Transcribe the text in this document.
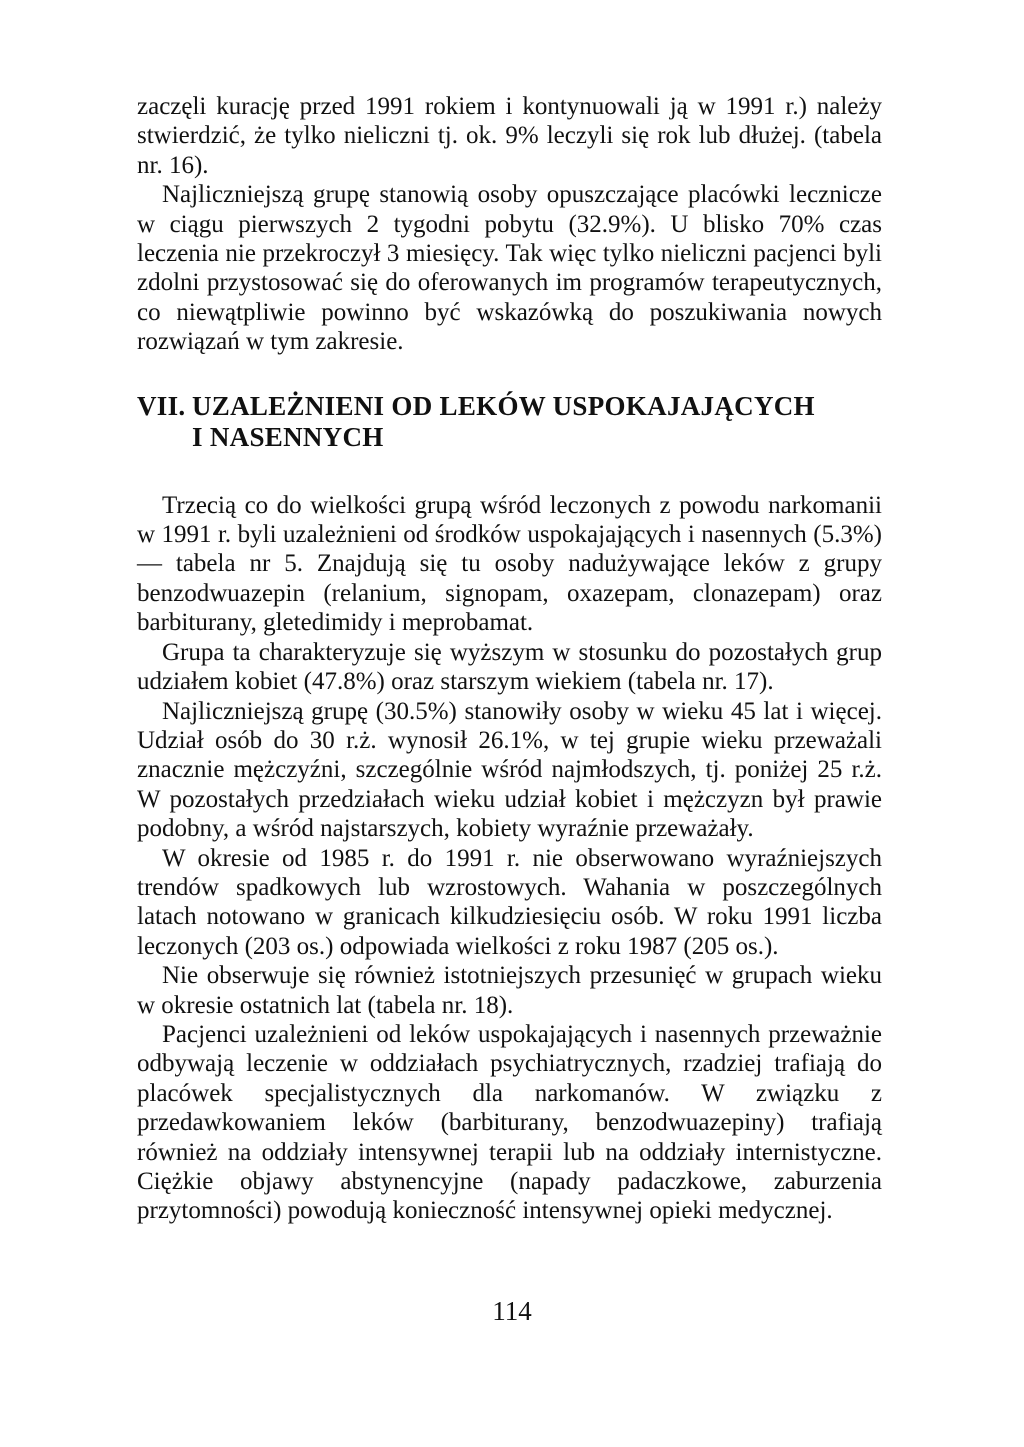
zaczęli kurację przed 1991 rokiem i kontynuowali ją w 1991 r.) należy stwierdzić, że tylko nieliczni tj. ok. 9% leczyli się rok lub dłużej. (tabela nr. 16).

Najliczniejszą grupę stanowią osoby opuszczające placówki lecznicze w ciągu pierwszych 2 tygodni pobytu (32.9%). U blisko 70% czas leczenia nie przekroczył 3 miesięcy. Tak więc tylko nieliczni pacjenci byli zdolni przystosować się do oferowanych im programów terapeutycznych, co niewątpliwie powinno być wskazówką do poszukiwania nowych rozwiązań w tym zakresie.

VII. UZALEŻNIENI OD LEKÓW USPOKAJAJĄCYCH
I NASENNYCH

Trzecią co do wielkości grupą wśród leczonych z powodu narkomanii w 1991 r. byli uzależnieni od środków uspokajających i nasennych (5.3%) — tabela nr 5. Znajdują się tu osoby nadużywające leków z grupy benzodwuazepin (relanium, signopam, oxazepam, clonazepam) oraz barbiturany, gletedimidy i meprobamat.

Grupa ta charakteryzuje się wyższym w stosunku do pozostałych grup udziałem kobiet (47.8%) oraz starszym wiekiem (tabela nr. 17).

Najliczniejszą grupę (30.5%) stanowiły osoby w wieku 45 lat i więcej. Udział osób do 30 r.ż. wynosił 26.1%, w tej grupie wieku przeważali znacznie mężczyźni, szczególnie wśród najmłodszych, tj. poniżej 25 r.ż. W pozostałych przedziałach wieku udział kobiet i mężczyzn był prawie podobny, a wśród najstarszych, kobiety wyraźnie przeważały.

W okresie od 1985 r. do 1991 r. nie obserwowano wyraźniejszych trendów spadkowych lub wzrostowych. Wahania w poszczególnych latach notowano w granicach kilkudziesięciu osób. W roku 1991 liczba leczonych (203 os.) odpowiada wielkości z roku 1987 (205 os.).

Nie obserwuje się również istotniejszych przesunięć w grupach wieku w okresie ostatnich lat (tabela nr. 18).

Pacjenci uzależnieni od leków uspokajających i nasennych przeważnie odbywają leczenie w oddziałach psychiatrycznych, rzadziej trafiają do placówek specjalistycznych dla narkomanów. W związku z przedawkowaniem leków (barbiturany, benzodwuazepiny) trafiają również na oddziały intensywnej terapii lub na oddziały internistyczne. Ciężkie objawy abstynencyjne (napady padaczkowe, zaburzenia przytomności) powodują konieczność intensywnej opieki medycznej.

114
